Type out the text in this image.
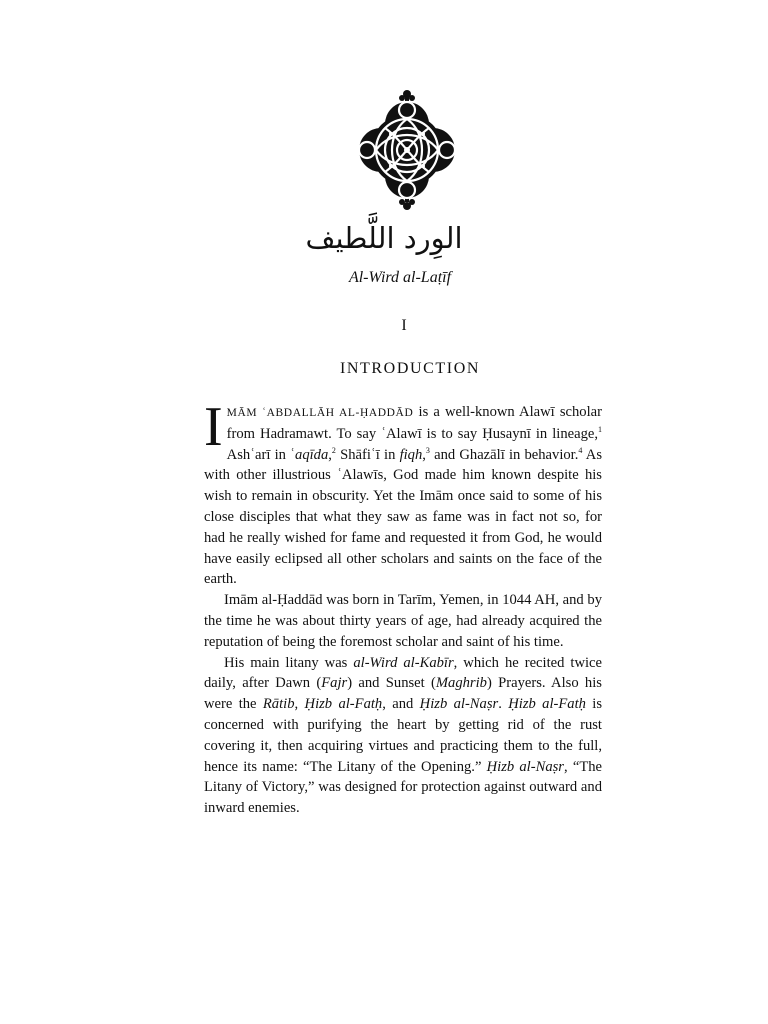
الوِرد اللَّطيف
Al-Wird al-Laṭīf
I
INTRODUCTION

IMĀM ʿABDALLĀH AL-ḤADDĀD is a well-known Alawī scholar from Hadramawt. To say ʿAlawī is to say Ḥusaynī in lineage,$^1$ Ashʿarī in ʿaqīda,$^2$ Shāfiʿī in fiqh,$^3$ and Ghazālī in behavior.$^4$ As with other illustrious ʿAlawīs, God made him known despite his wish to remain in obscurity. Yet the Imām once said to some of his close disciples that what they saw as fame was in fact not so, for had he really wished for fame and requested it from God, he would have easily eclipsed all other scholars and saints on the face of the earth.

Imām al-Ḥaddād was born in Tarīm, Yemen, in 1044 AH, and by the time he was about thirty years of age, had already acquired the reputation of being the foremost scholar and saint of his time.

His main litany was al-Wird al-Kabīr, which he recited twice daily, after Dawn (Fajr) and Sunset (Maghrib) Prayers. Also his were the Rātib, Ḥizb al-Fatḥ, and Ḥizb al-Naṣr. Ḥizb al-Fatḥ is concerned with purifying the heart by getting rid of the rust covering it, then acquiring virtues and practicing them to the full, hence its name: “The Litany of the Opening.” Ḥizb al-Naṣr, “The Litany of Victory,” was designed for protection against outward and inward enemies.
